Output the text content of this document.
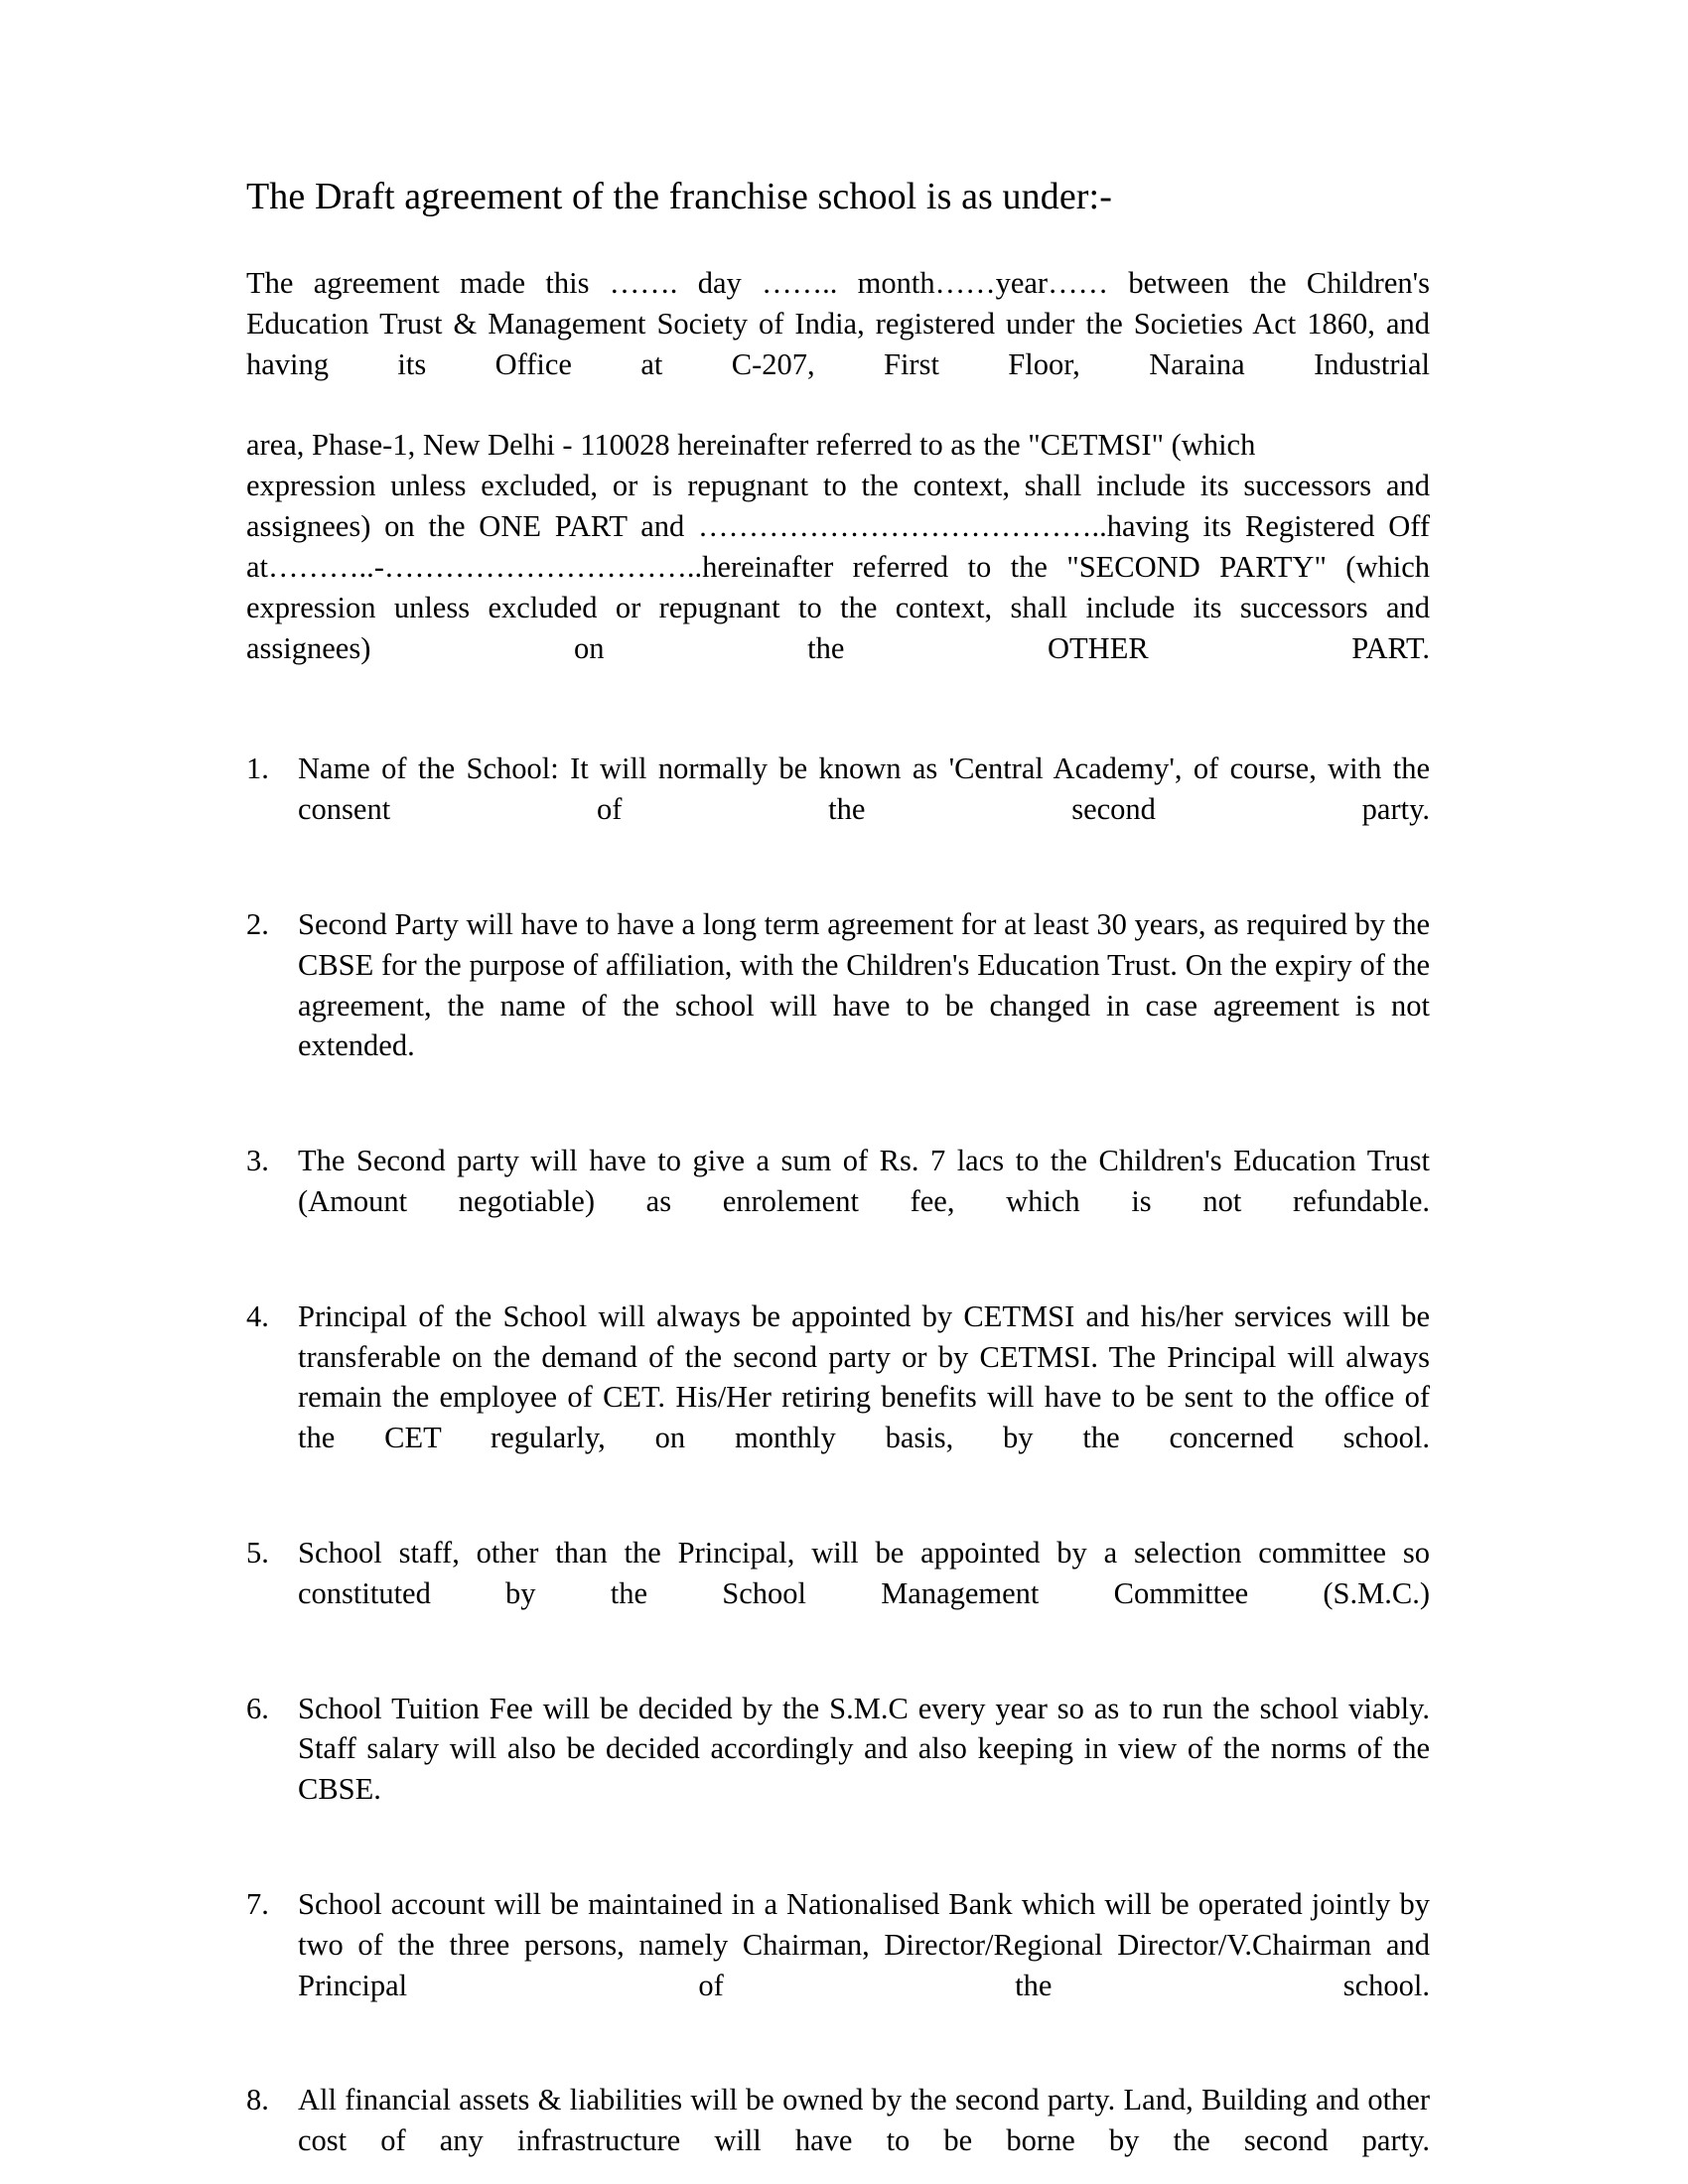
The Draft agreement of the franchise school is as under:-

The agreement made this ……. day …….. month……year…… between the Children's Education Trust & Management Society of India, registered under the Societies Act 1860, and having its Office at C-207, First Floor, Naraina Industrial

area, Phase-1, New Delhi - 110028 hereinafter referred to as the "CETMSI" (which

expression unless excluded, or is repugnant to the context, shall include its successors and assignees) on the ONE PART and …………………………………..having its Registered Off at………..-…………………………..hereinafter referred to the "SECOND PARTY" (which expression unless excluded or repugnant to the context, shall include its successors and assignees) on the OTHER PART.

1. Name of the School: It will normally be known as 'Central Academy', of course, with the consent of the second party.
2. Second Party will have to have a long term agreement for at least 30 years, as required by the CBSE for the purpose of affiliation, with the Children's Education Trust. On the expiry of the agreement, the name of the school will have to be changed in case agreement is not extended.
3. The Second party will have to give a sum of Rs. 7 lacs to the Children's Education Trust (Amount negotiable) as enrolement fee, which is not refundable.
4. Principal of the School will always be appointed by CETMSI and his/her services will be transferable on the demand of the second party or by CETMSI. The Principal will always remain the employee of CET. His/Her retiring benefits will have to be sent to the office of the CET regularly, on monthly basis, by the concerned school.
5. School staff, other than the Principal, will be appointed by a selection committee so constituted by the School Management Committee (S.M.C.)
6. School Tuition Fee will be decided by the S.M.C every year so as to run the school viably. Staff salary will also be decided accordingly and also keeping in view of the norms of the CBSE.
7. School account will be maintained in a Nationalised Bank which will be operated jointly by two of the three persons, namely Chairman, Director/Regional Director/V.Chairman and Principal of the school.
8. All financial assets & liabilities will be owned by the second party. Land, Building and other cost of any infrastructure will have to be borne by the second party.
